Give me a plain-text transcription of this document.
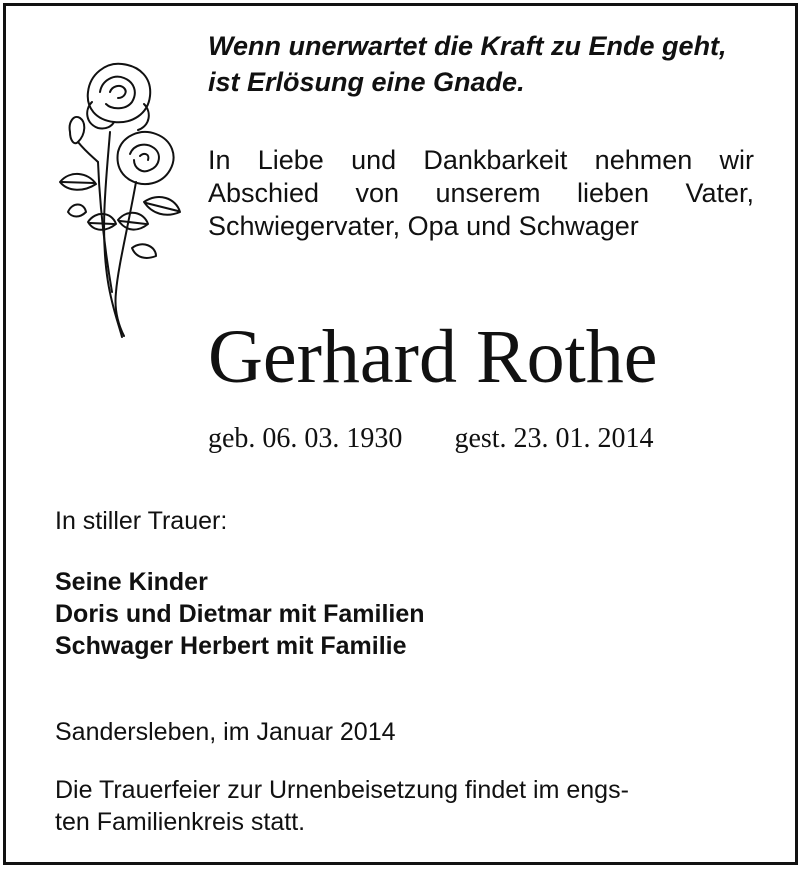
Wenn unerwartet die Kraft zu Ende geht,
ist Erlösung eine Gnade.
In Liebe und Dankbarkeit nehmen wir
Abschied von unserem lieben Vater,
Schwiegervater, Opa und Schwager
Gerhard Rothe
geb. 06. 03. 1930 gest. 23. 01. 2014
In stiller Trauer:
Seine Kinder
Doris und Dietmar mit Familien
Schwager Herbert mit Familie
Sandersleben, im Januar 2014
Die Trauerfeier zur Urnenbeisetzung findet im engs-
ten Familienkreis statt.
